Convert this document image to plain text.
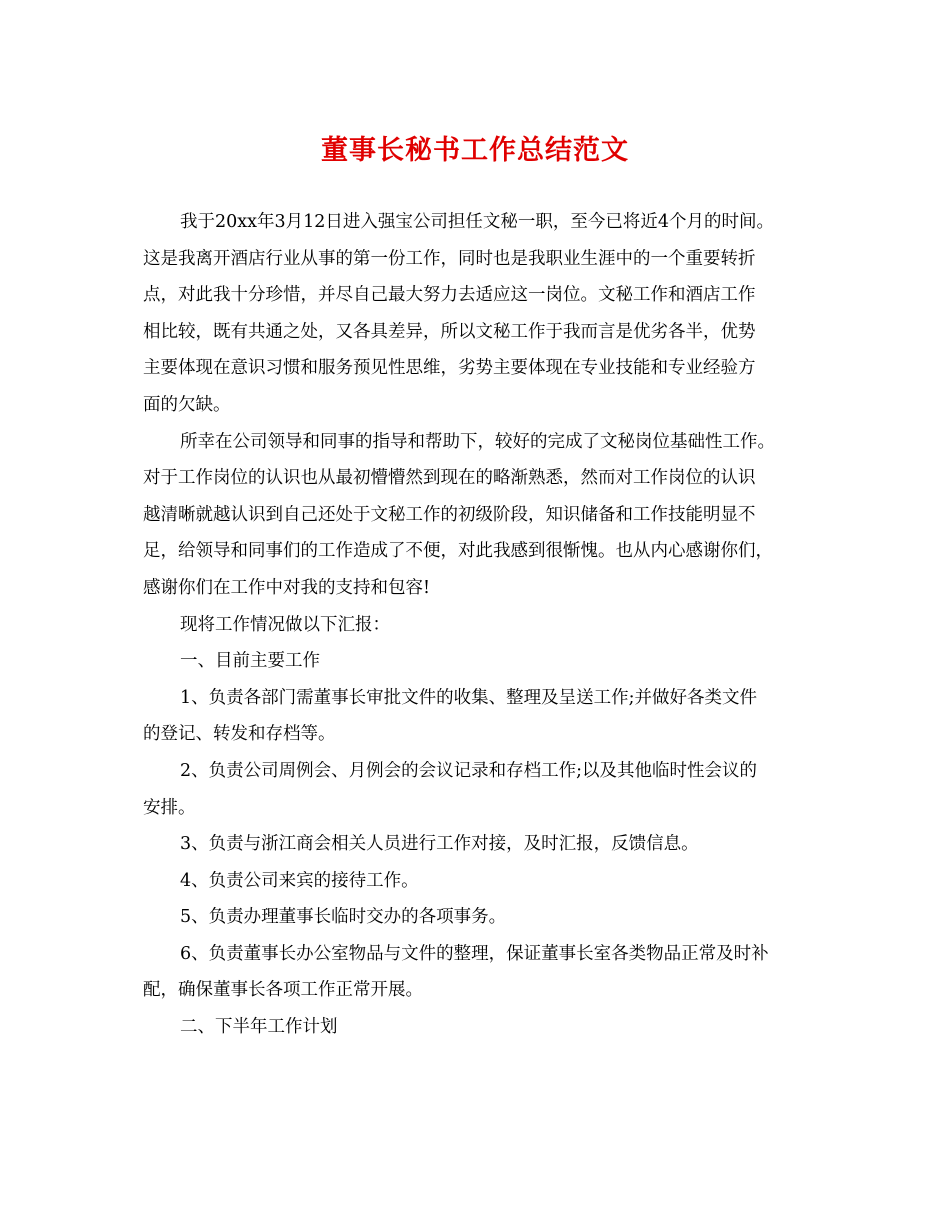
董事长秘书工作总结范文

我于20xx年3月12日进入强宝公司担任文秘一职，至今已将近4个月的时间。

这是我离开酒店行业从事的第一份工作，同时也是我职业生涯中的一个重要转折

点，对此我十分珍惜，并尽自己最大努力去适应这一岗位。文秘工作和酒店工作

相比较，既有共通之处，又各具差异，所以文秘工作于我而言是优劣各半，优势

主要体现在意识习惯和服务预见性思维，劣势主要体现在专业技能和专业经验方

面的欠缺。

所幸在公司领导和同事的指导和帮助下，较好的完成了文秘岗位基础性工作。

对于工作岗位的认识也从最初懵懵然到现在的略渐熟悉，然而对工作岗位的认识

越清晰就越认识到自己还处于文秘工作的初级阶段，知识储备和工作技能明显不

足，给领导和同事们的工作造成了不便，对此我感到很惭愧。也从内心感谢你们，

感谢你们在工作中对我的支持和包容!

现将工作情况做以下汇报：

一、目前主要工作

1、负责各部门需董事长审批文件的收集、整理及呈送工作;并做好各类文件

的登记、转发和存档等。

2、负责公司周例会、月例会的会议记录和存档工作;以及其他临时性会议的

安排。

3、负责与浙江商会相关人员进行工作对接，及时汇报，反馈信息。

4、负责公司来宾的接待工作。

5、负责办理董事长临时交办的各项事务。

6、负责董事长办公室物品与文件的整理，保证董事长室各类物品正常及时补

配，确保董事长各项工作正常开展。

二、下半年工作计划
